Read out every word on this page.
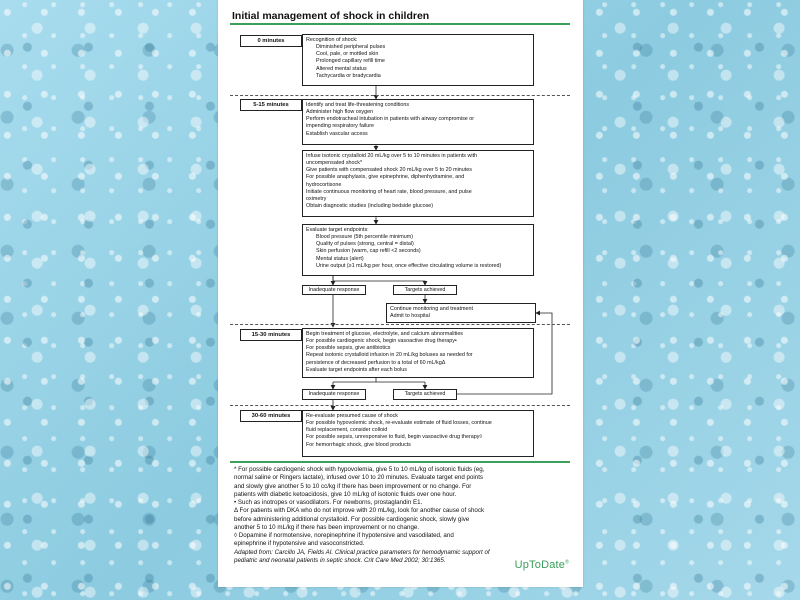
Initial management of shock in children
0 minutes	Recognition of shock:
Diminished peripheral pulses
Cool, pale, or mottled skin
Prolonged capillary refill time
Altered mental status
Tachycardia or bradycardia
5-15 minutes	Identify and treat life-threatening conditions
Administer high flow oxygen
Perform endotracheal intubation in patients with airway compromise or
impending respiratory failure
Establish vascular access
Infuse isotonic crystalloid 20 mL/kg over 5 to 10 minutes in patients with
uncompensated shock*
Give patients with compensated shock 20 mL/kg over 5 to 20 minutes
For possible anaphylaxis, give epinephrine, diphenhydramine, and
hydrocortisone
Initiate continuous monitoring of heart rate, blood pressure, and pulse
oximetry
Obtain diagnostic studies (including bedside glucose)
Evaluate target endpoints:
Blood pressure (5th percentile minimum)
Quality of pulses (strong, central = distal)
Skin perfusion (warm, cap refill <2 seconds)
Mental status (alert)
Urine output (≥1 mL/kg per hour, once effective circulating volume is restored)
Inadequate response	Targets achieved
Continue monitoring and treatment
Admit to hospital
15-30 minutes	Begin treatment of glucose, electrolyte, and calcium abnormalities
For possible cardiogenic shock, begin vasoactive drug therapy•
For possible sepsis, give antibiotics
Repeat isotonic crystalloid infusion in 20 mL/kg boluses as needed for
persistence of decreased perfusion to a total of 60 mL/kgΔ
Evaluate target endpoints after each bolus
Inadequate response	Targets achieved
30-60 minutes	Re-evaluate presumed cause of shock
For possible hypovolemic shock, re-evaluate estimate of fluid losses, continue
fluid replacement, consider colloid
For possible sepsis, unresponsive to fluid, begin vasoactive drug therapy◊
For hemorrhagic shock, give blood products
* For possible cardiogenic shock with hypovolemia, give 5 to 10 mL/kg of isotonic fluids (eg,
normal saline or Ringers lactate), infused over 10 to 20 minutes. Evaluate target end points
and slowly give another 5 to 10 cc/kg if there has been improvement or no change. For
patients with diabetic ketoacidosis, give 10 mL/kg of isotonic fluids over one hour.
• Such as inotropes or vasodilators. For newborns, prostaglandin E1.
Δ For patients with DKA who do not improve with 20 mL/kg, look for another cause of shock
before administering additional crystalloid. For possible cardiogenic shock, slowly give
another 5 to 10 mL/kg if there has been improvement or no change.
◊ Dopamine if normotensive, norepinephrine if hypotensive and vasodilated, and
epinephrine if hypotensive and vasoconstricted.
Adapted from: Carcillo JA, Fields AI. Clinical practice parameters for hemodynamic support of
pediatric and neonatal patients in septic shock. Crit Care Med 2002; 30:1365.	UpToDate®
